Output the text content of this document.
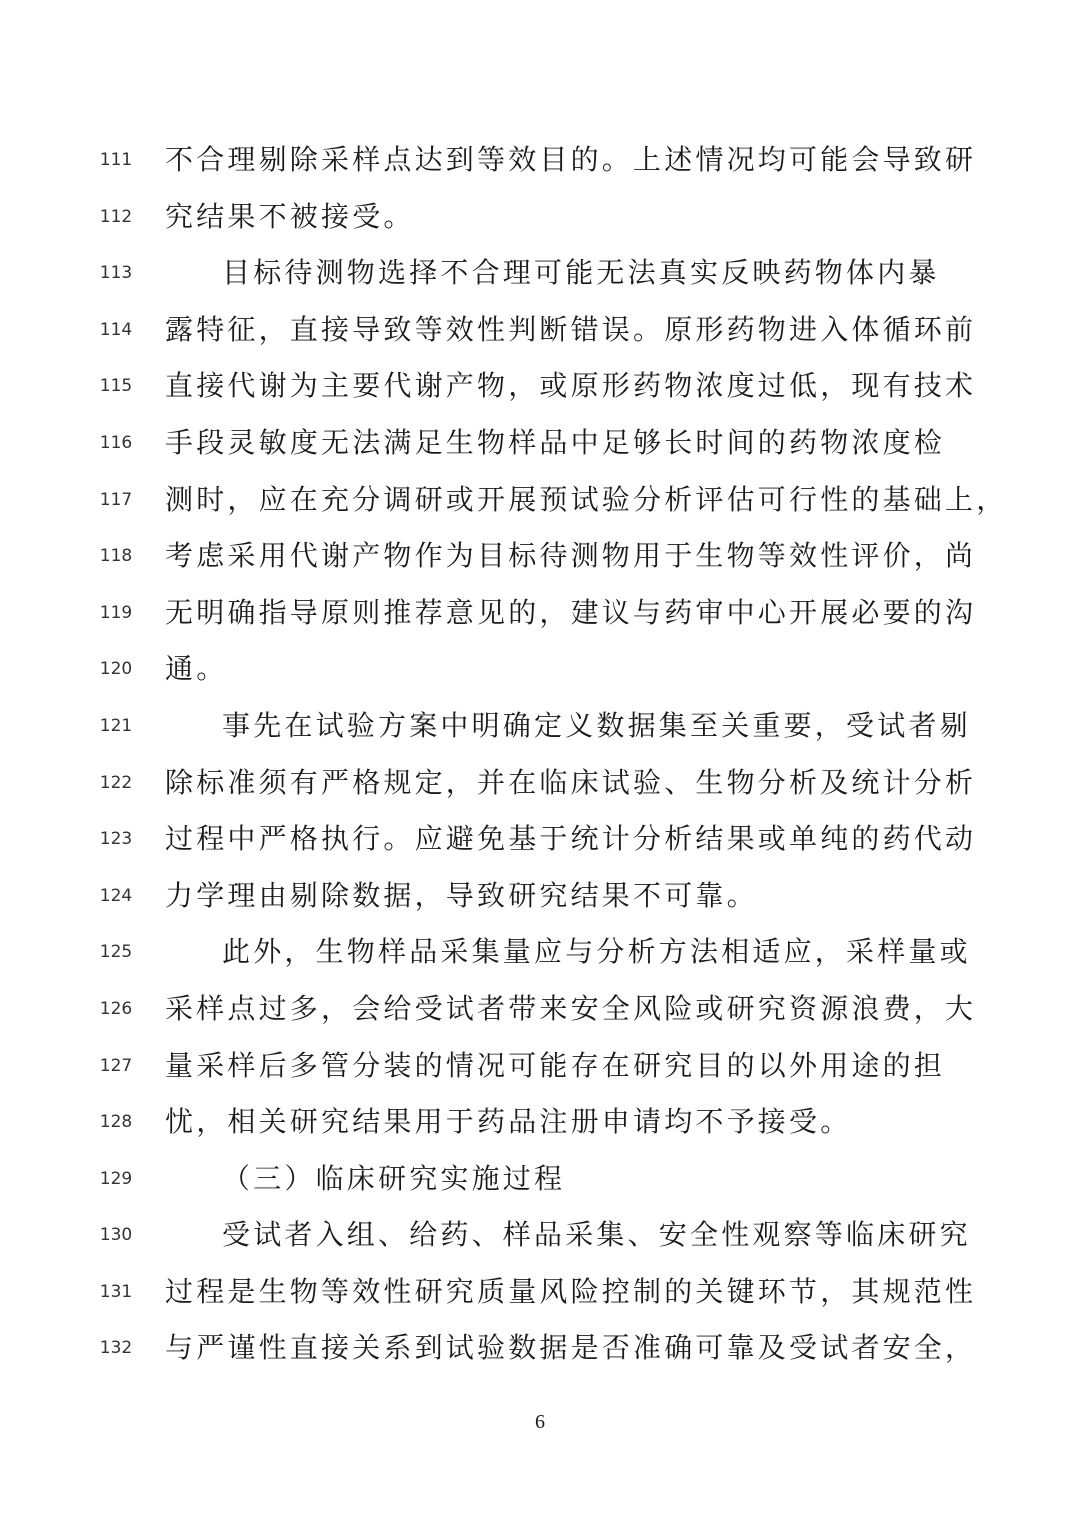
111	不合理剔除采样点达到等效目的。上述情况均可能会导致研
112	究结果不被接受。
113	目标待测物选择不合理可能无法真实反映药物体内暴
114	露特征，直接导致等效性判断错误。原形药物进入体循环前
115	直接代谢为主要代谢产物，或原形药物浓度过低，现有技术
116	手段灵敏度无法满足生物样品中足够长时间的药物浓度检
117	测时，应在充分调研或开展预试验分析评估可行性的基础上，
118	考虑采用代谢产物作为目标待测物用于生物等效性评价，尚
119	无明确指导原则推荐意见的，建议与药审中心开展必要的沟
120	通。
121	事先在试验方案中明确定义数据集至关重要，受试者剔
122	除标准须有严格规定，并在临床试验、生物分析及统计分析
123	过程中严格执行。应避免基于统计分析结果或单纯的药代动
124	力学理由剔除数据，导致研究结果不可靠。
125	此外，生物样品采集量应与分析方法相适应，采样量或
126	采样点过多，会给受试者带来安全风险或研究资源浪费，大
127	量采样后多管分装的情况可能存在研究目的以外用途的担
128	忧，相关研究结果用于药品注册申请均不予接受。
129	（三）临床研究实施过程
130	受试者入组、给药、样品采集、安全性观察等临床研究
131	过程是生物等效性研究质量风险控制的关键环节，其规范性
132	与严谨性直接关系到试验数据是否准确可靠及受试者安全，
6
